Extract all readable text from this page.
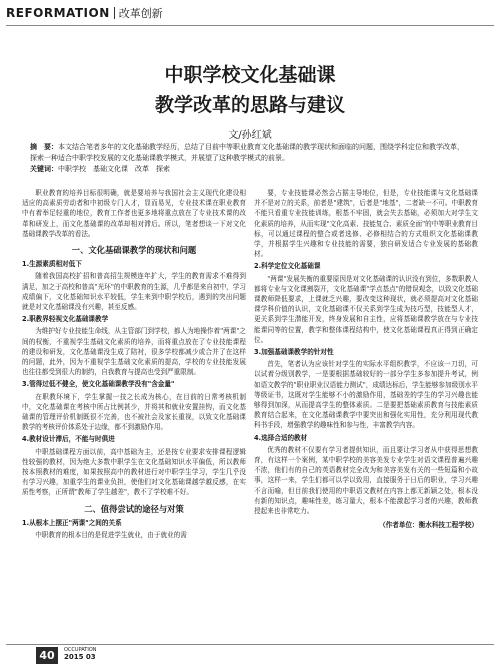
REFORMATION 改革创新
中职学校文化基础课
教学改革的思路与建议
文/孙红斌
摘　要：本文结合笔者多年的文化基础教学经历，总结了目前中等职业教育文化基础课的教学现状和面临的问题，围绕学科定位和教学改革，探索一种适合中职学校发展的文化基础课教学模式，并展望了这种教学模式的前景。
关键词：中职学校　基础文化课　改革　探索

职业教育的培养目标很明确，就是要培养与我国社会主义现代化建设相适应的高素质劳动者和中初级专门人才，显而易见，专业技术课在职业教育中有着举足轻重的地位，教育工作者也更多地将重点放在了专业技术课的改革和研发上，而文化基础课的改革却相对滞后。所以，笔者想谈一下对文化基础课教学改革的看法。

一、文化基础课教学的现状和问题
1.生源素质相对低下

随着我国高校扩招和普高招生规模连年扩大，学生的教育需求不难得到满足，加之于高校和普高"光环"的中职教育的生源，几乎都是来自初中，学习成绩偏下，文化基础知识水平较低，学生来到中职学校后，遇到的突出问题就是对文化基础课没有兴趣，甚至反感。

2.职教界轻视文化基础课教学

为维护好专业技能生命线，从主管部门到学校，都人为地操作着"两课"之间的权衡，不重视学生基础文化素质的培养，而将重点放在了专业技能课程的建设和研发，文化基础课没生成了陪衬，很多学校都减少或合并了在这样的问题，此外，因为不重视学生基础文化素质的提高，学校的专业技能发展也往往都受到很大的制约，自我教育与提高也受到严重限制。

3.管得过低不健全，使文化基础课教学没有"含金量"

在职教环境下，学生掌握一技之长成为核心，在目前的日常考核机制中，文化基础课在考核中所占比例甚少，并将其和就业安置挂钩，而文化基础课的管理评价机制既很不完善，也不被社会及家长重视，以致文化基础课教学的考核评价体系处于边缘，都不到激励作用。

4.教材设计滞后，不能与时俱进

中职基础课程方面以前，高中基础为主，还是按专业要求安排课程逻辑性较强的教材，因为绝大多数中职学生在文化基础知识水平偏低，所以教师按本照教材的难度，如果按照高中的教材进行对中职学生学习，学生几乎没有学习兴趣，加重学生的课业负担，使他们对文化基础课越学越反感，在实质性考察，正所谓"教师了学生越差"，教不了学校难不好。

二、值得尝试的途径与对策
1.从根本上摆正"两课"之间的关系

中职教育的根本目的是促进学生就业，由于就业的需

要，专业技能课必然会占据主导地位，但是，专业技能课与文化基础课并不是对立的关系，前者是"建筑"，后者是"地基"，二者缺一不可。中职教育不能只看重专业技能训练，根基不牢固，就会失去基础，必须加大对学生文化素质的培养，从而实现"文化高素、技能复合、素质全面"的中等职业教育目标，可以通过课程的整合或者选修、必修相结合的方式组织文化基础课教学，并根据学生兴趣和专业技能的需要，独自研发适合专业发展的基础教材。

2.科学定位文化基础课

"两课"发展失衡的重要原因是对文化基础课的认识没有到位，多数职教人都将专业与文化课割裂开，文化基础课"学点基点"的错误观念，以致文化基础课教师降低要求，上课就乏兴趣，要改变这种现状，就必须提高对文化基础课学科价值的认识，文化基础课不仅关系到学生成为技巧型，技能型人才，更关系到学生潜能开发，终身发展和自主性，应将基础课教学放在与专业技能课同等的位置，教学和整体课程结构中，使文化基础课程真正得到正确定位。

3.加强基础课教学的针对性

首先，笔者认为应该针对学生的实际水平组织教学，不应该一刀切，可以试着分级别教学，一是要根据基础较好的一部分学生多参加提升考试，例如语文教学的"职业职业汉语能力测试"，成绩达标后，学生能够参加级别水平等级证书，这既对学生能够不小的激励作用，基础差的学生的学习兴趣也能够得到加深，从而提高学生的整体素质。二是要把基础素质教育与技能素质教育结合起来，在文化基础课教学中要突出和强化实用性，充分利用现代教科书手段，增强教学的趣味性和参与性，丰富教学内容。

4.选择合适的教材

优秀的教材不仅要有学习者提供知识，而且要让学习者从中获得思想教育，有这样一个案例，某中职学校的美容美发专业学生对语文课程普遍兴趣不浓，他们有的自己的英语教材完全改为和美容美发有关的一些短篇和小故事，这样一来，学生们都可以学以致用，直接服务于日后的职业，学习兴趣不言而喻，但目前我们使用的中职语文教材在内容上都无新颖之处，根本没有新的知识点，趣味性差，练习量大，根本不能激起学习者的兴趣，教师教授起来也非常吃力。

（作者单位：衡水科技工程学校）

40	OCCUPATION
2015 03
